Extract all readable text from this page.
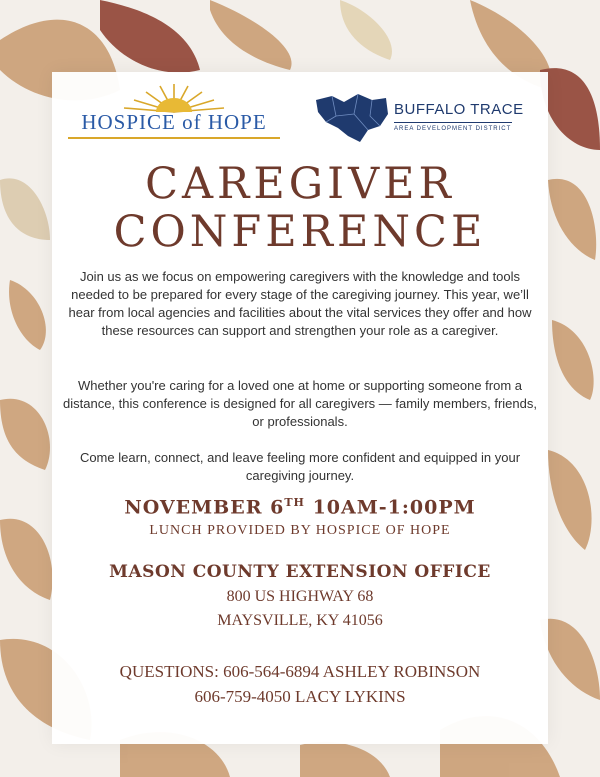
HOSPICE of HOPE
BUFFALO TRACE
AREA DEVELOPMENT DISTRICT
CAREGIVER
CONFERENCE
Join us as we focus on empowering caregivers with the knowledge and tools needed to be prepared for every stage of the caregiving journey. This year, we’ll hear from local agencies and facilities about the vital services they offer and how these resources can support and strengthen your role as a caregiver.
Whether you're caring for a loved one at home or supporting someone from a distance, this conference is designed for all caregivers — family members, friends, or professionals.
Come learn, connect, and leave feeling more confident and equipped in your caregiving journey.
NOVEMBER 6TH 10AM-1:00PM
LUNCH PROVIDED BY HOSPICE OF HOPE
MASON COUNTY EXTENSION OFFICE
800 US HIGHWAY 68
MAYSVILLE, KY 41056
QUESTIONS: 606-564-6894 ASHLEY ROBINSON
606-759-4050 LACY LYKINS
